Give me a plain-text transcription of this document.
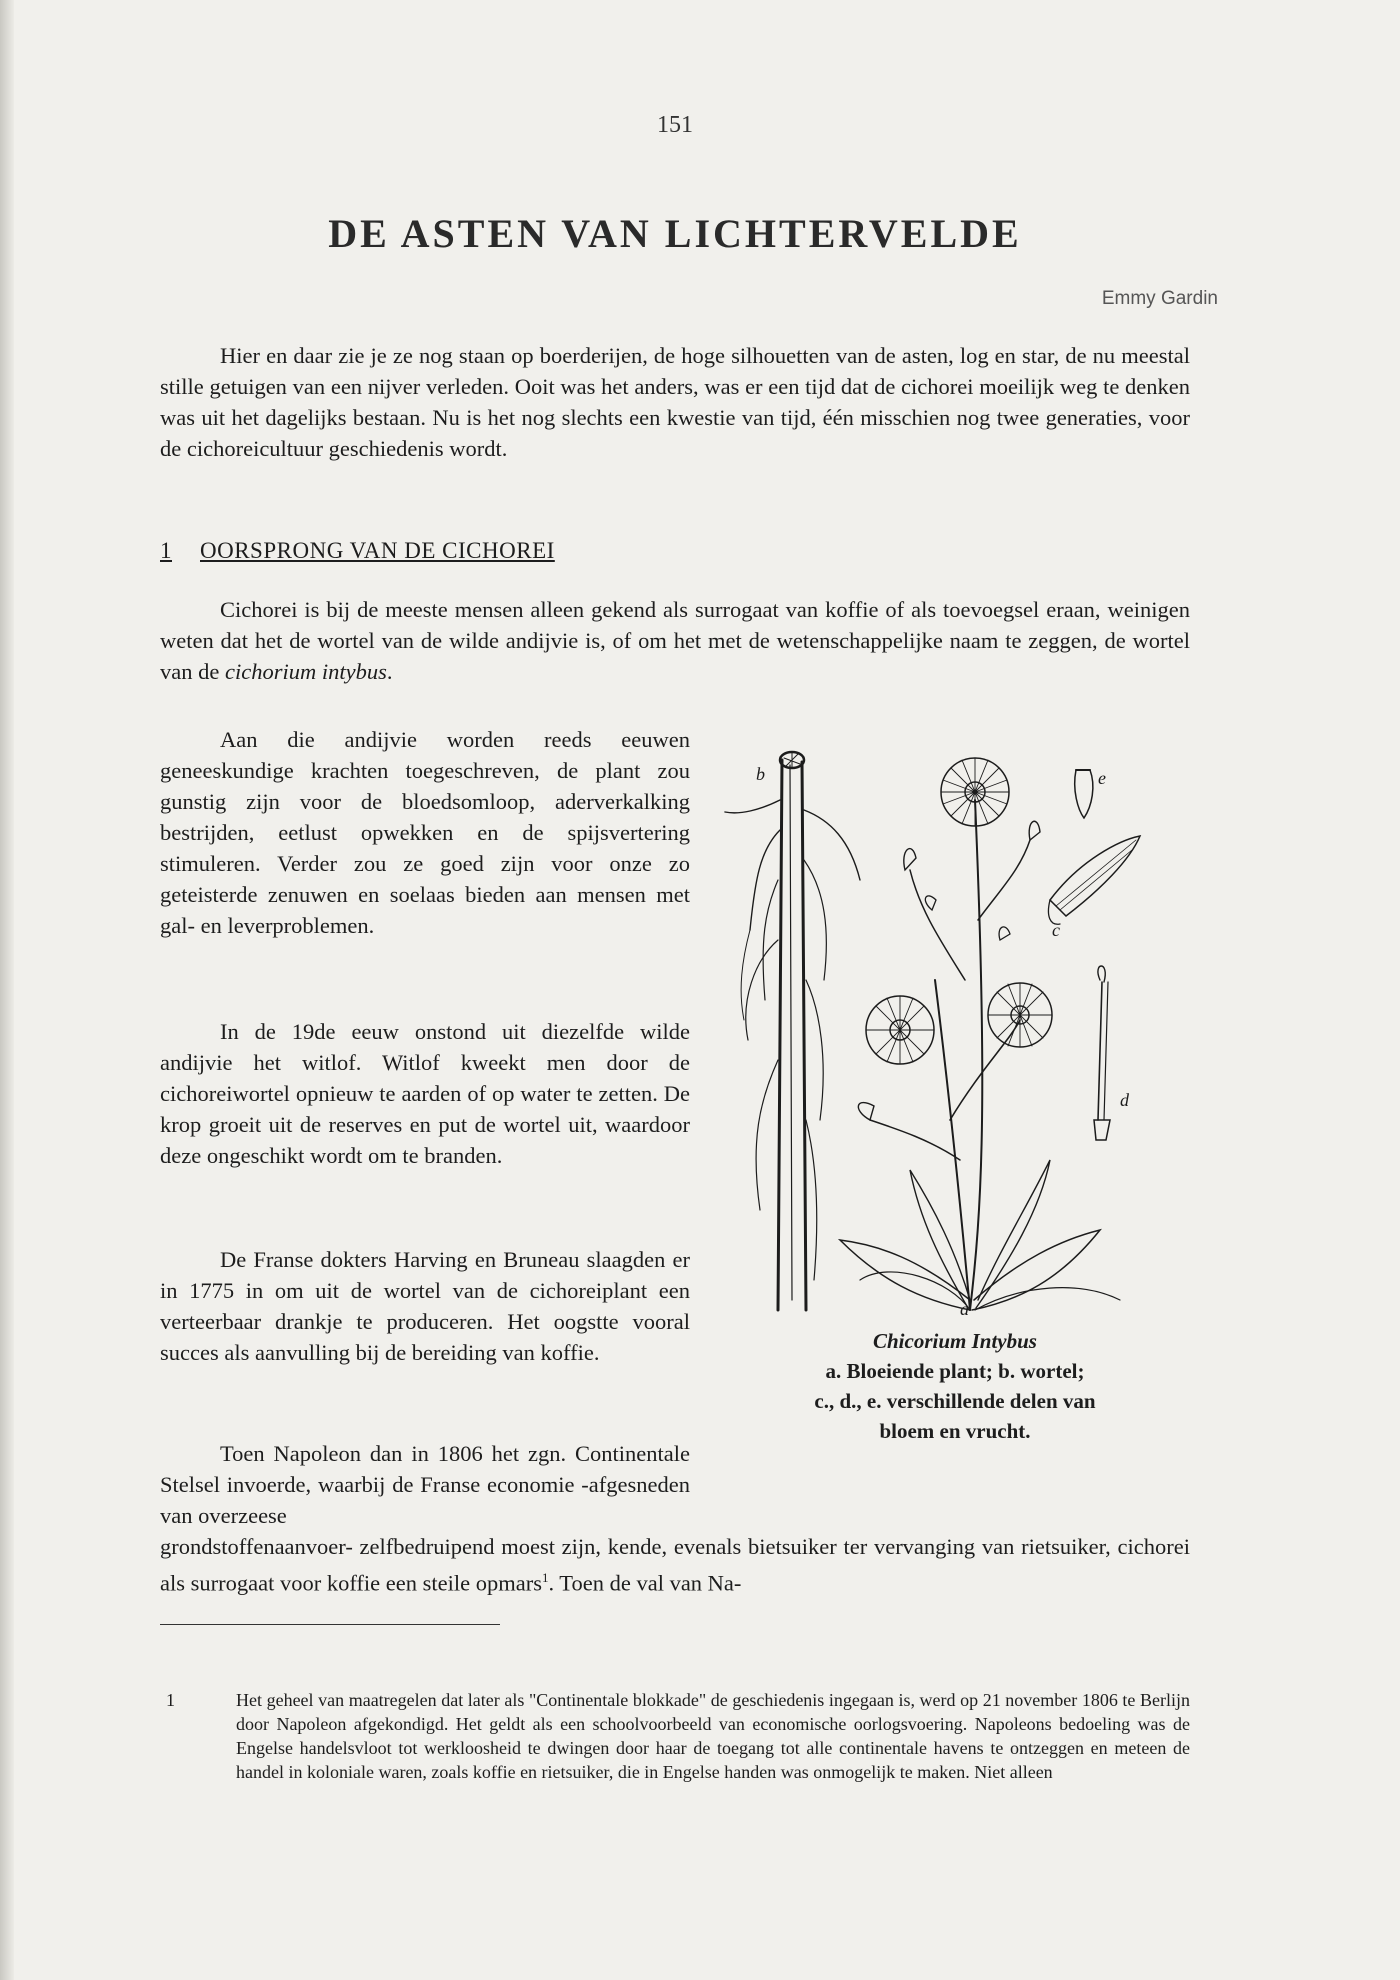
151
DE ASTEN VAN LICHTERVELDE
Emmy Gardin

Hier en daar zie je ze nog staan op boerderijen, de hoge silhouetten van de asten, log en star, de nu meestal stille getuigen van een nijver verleden. Ooit was het anders, was er een tijd dat de cichorei moeilijk weg te denken was uit het dagelijks bestaan. Nu is het nog slechts een kwestie van tijd, één misschien nog twee generaties, voor de cichoreicultuur geschiedenis wordt.

1 OORSPRONG VAN DE CICHOREI

Cichorei is bij de meeste mensen alleen gekend als surrogaat van koffie of als toevoegsel eraan, weinigen weten dat het de wortel van de wilde andijvie is, of om het met de wetenschappelijke naam te zeggen, de wortel van de cichorium intybus.

Aan die andijvie worden reeds eeuwen geneeskundige krachten toegeschreven, de plant zou gunstig zijn voor de bloedsomloop, aderverkalking bestrijden, eetlust opwekken en de spijsvertering stimuleren. Verder zou ze goed zijn voor onze zo geteisterde zenuwen en soelaas bieden aan mensen met gal- en leverproblemen.

In de 19de eeuw onstond uit diezelfde wilde andijvie het witlof. Witlof kweekt men door de cichoreiwortel opnieuw te aarden of op water te zetten. De krop groeit uit de reserves en put de wortel uit, waardoor deze ongeschikt wordt om te branden.

De Franse dokters Harving en Bruneau slaagden er in 1775 in om uit de wortel van de cichoreiplant een verteerbaar drankje te produceren. Het oogstte vooral succes als aanvulling bij de bereiding van koffie.

Toen Napoleon dan in 1806 het zgn. Continentale Stelsel invoerde, waarbij de Franse economie -afgesneden van overzeese

grondstoffenaanvoer- zelfbedruipend moest zijn, kende, evenals bietsuiker ter vervanging van rietsuiker, cichorei als surrogaat voor koffie een steile opmars$^1$. Toen de val van Na-

b
a
c
d
e
Chicorium Intybus
a. Bloeiende plant; b. wortel;
c., d., e. verschillende delen van
bloem en vrucht.
1	Het geheel van maatregelen dat later als "Continentale blokkade" de geschiedenis ingegaan is, werd op 21 november 1806 te Berlijn door Napoleon afgekondigd. Het geldt als een schoolvoorbeeld van economische oorlogsvoering. Napoleons bedoeling was de Engelse handelsvloot tot werkloosheid te dwingen door haar de toegang tot alle continentale havens te ontzeggen en meteen de handel in koloniale waren, zoals koffie en rietsuiker, die in Engelse handen was onmogelijk te maken. Niet alleen
